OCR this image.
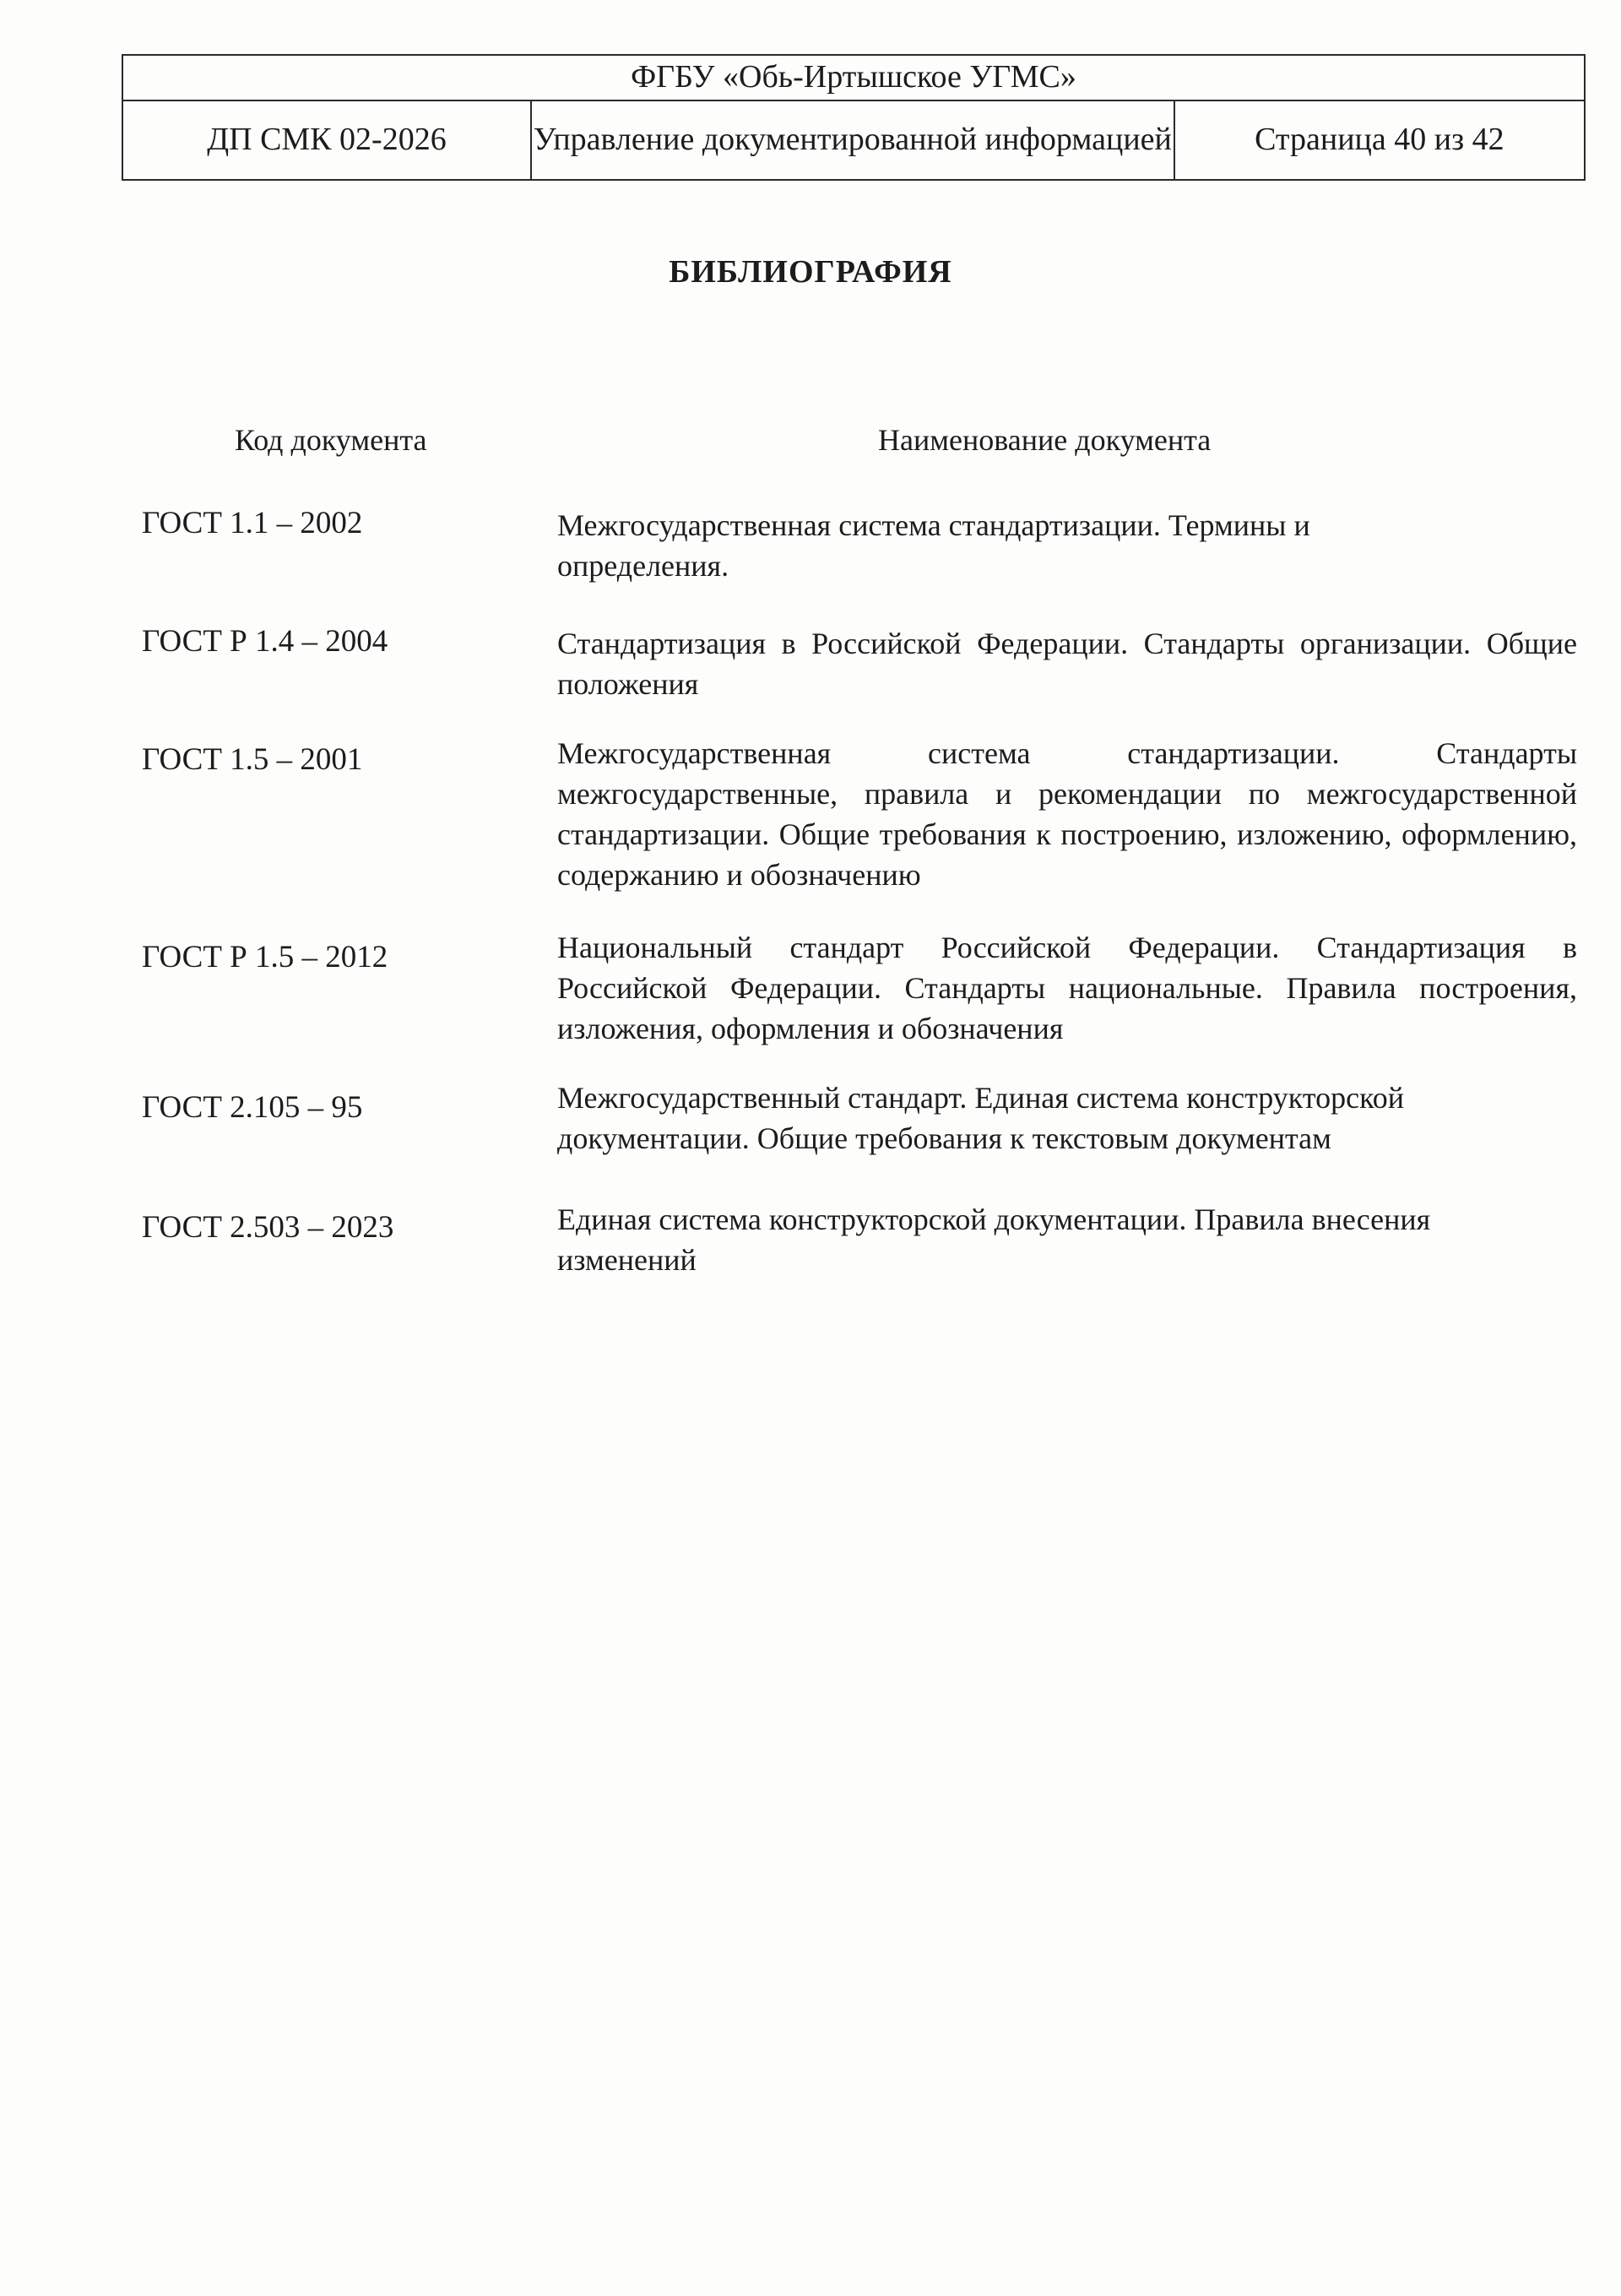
ФГБУ «Обь-Иртышское УГМС»
ДП СМК 02-2026	Управление документированной информацией	Страница 40 из 42
БИБЛИОГРАФИЯ
Код документа	Наименование документа
ГОСТ 1.1 – 2002	Межгосударственная система стандартизации. Термины и определения.
ГОСТ Р 1.4 – 2004	Стандартизация в Российской Федерации. Стандарты организации. Общие положения
ГОСТ 1.5 – 2001	Межгосударственная система стандартизации. Стандарты межгосударственные, правила и рекомендации по межгосударственной стандартизации. Общие требования к построению, изложению, оформлению, содержанию и обозначению
ГОСТ Р 1.5 – 2012	Национальный стандарт Российской Федерации. Стандартизация в Российской Федерации. Стандарты национальные. Правила построения, изложения, оформления и обозначения
ГОСТ 2.105 – 95	Межгосударственный стандарт. Единая система конструкторской документации. Общие требования к текстовым документам
ГОСТ 2.503 – 2023	Единая система конструкторской документации. Правила внесения изменений
